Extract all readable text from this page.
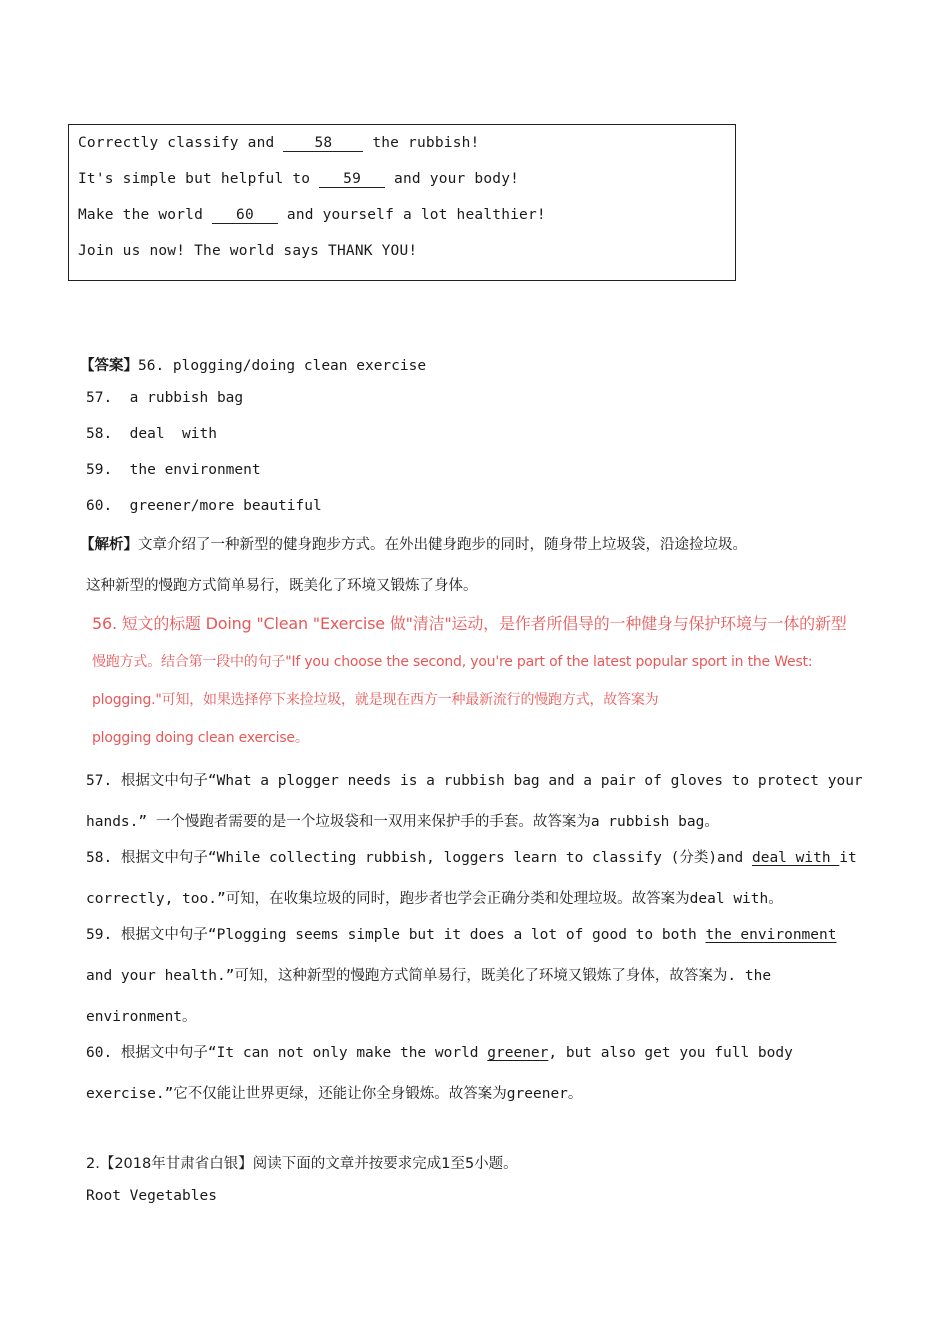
Correctly classify and 58 the rubbish!
It's simple but helpful to 59 and your body!
Make the world 60 and yourself a lot healthier!
Join us now! The world says THANK YOU!
【答案】56. plogging/doing clean exercise
57.  a rubbish bag
58.  deal  with
59.  the environment
60.  greener/more beautiful
【解析】文章介绍了一种新型的健身跑步方式。在外出健身跑步的同时，随身带上垃圾袋，沿途捡垃圾。
这种新型的慢跑方式简单易行，既美化了环境又锻炼了身体。
56. 短文的标题 Doing "Clean "Exercise 做"清洁"运动，是作者所倡导的一种健身与保护环境与一体的新型
慢跑方式。结合第一段中的句子"If you choose the second, you're part of the latest popular sport in the West:
plogging."可知，如果选择停下来捡垃圾，就是现在西方一种最新流行的慢跑方式，故答案为
plogging doing clean exercise。
57. 根据文中句子“What a plogger needs is a rubbish bag and a pair of gloves to protect your
hands.” 一个慢跑者需要的是一个垃圾袋和一双用来保护手的手套。故答案为a rubbish bag。
58. 根据文中句子“While collecting rubbish, loggers learn to classify (分类)and deal with it
correctly, too.”可知，在收集垃圾的同时，跑步者也学会正确分类和处理垃圾。故答案为deal with。
59. 根据文中句子“Plogging seems simple but it does a lot of good to both the environment
and your health.”可知，这种新型的慢跑方式简单易行，既美化了环境又锻炼了身体，故答案为. the
environment。
60. 根据文中句子“It can not only make the world greener, but also get you full body
exercise.”它不仅能让世界更绿，还能让你全身锻炼。故答案为greener。
2.【2018年甘肃省白银】阅读下面的文章并按要求完成1至5小题。
Root Vegetables
